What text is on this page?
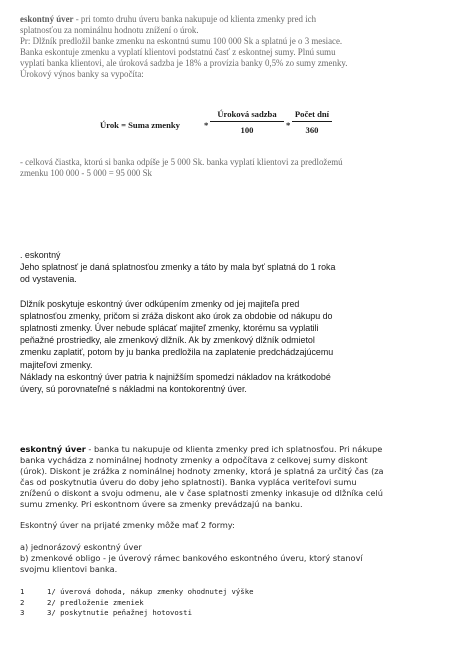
eskontný úver - pri tomto druhu úveru banka nakupuje od klienta zmenky pred ich
splatnosťou za nominálnu hodnotu znížení o úrok.
Pr: Dlžník predložil banke zmenku na eskontnú sumu 100 000 Sk a splatnú je o 3 mesiace.
Banka eskontuje zmenku a vyplatí klientovi podstatnú časť z eskontnej sumy. Plnú sumu
vyplatí banka klientovi, ale úroková sadzba je 18% a provízia banky 0,5% zo sumy zmenky.
Úrokový výnos banky sa vypočíta:
Úrok = Suma zmenky	*
Úroková sadzba
100	*
Počet dní
360
- celková čiastka, ktorú si banka odpíše je 5 000 Sk. banka vyplatí klientovi za predložemú
zmenku 100 000 - 5 000 = 95 000 Sk
. eskontný
Jeho splatnosť je daná splatnosťou zmenky a táto by mala byť splatná do 1 roka
od vystavenia.
Dlžník poskytuje eskontný úver odkúpením zmenky od jej majiteľa pred
splatnosťou zmenky, pričom si zráža diskont ako úrok za obdobie od nákupu do
splatnosti zmenky. Úver nebude splácať majiteľ zmenky, ktorému sa vyplatili
peňažné prostriedky, ale zmenkový dlžník. Ak by zmenkový dlžník odmietol
zmenku zaplatiť, potom by ju banka predložila na zaplatenie predchádzajúcemu
majiteľovi zmenky.
Náklady na eskontný úver patria k najnižším spomedzi nákladov na krátkodobé
úvery, sú porovnateľné s nákladmi na kontokorentný úver.
eskontný úver - banka tu nakupuje od klienta zmenky pred ich splatnosťou. Pri nákupe
banka vychádza z nominálnej hodnoty zmenky a odpočítava z celkovej sumy diskont
(úrok). Diskont je zrážka z nominálnej hodnoty zmenky, ktorá je splatná za určitý čas (za
čas od poskytnutia úveru do doby jeho splatnosti). Banka vypláca veriteľovi sumu
zníženú o diskont a svoju odmenu, ale v čase splatnosti zmenky inkasuje od dlžníka celú
sumu zmenky. Pri eskontnom úvere sa zmenky prevádzajú na banku.
Eskontný úver na prijaté zmenky môže mať 2 formy:
a) jednorázový eskontný úver
b) zmenkové obligo - je úverový rámec bankového eskontného úveru, ktorý stanoví
svojmu klientovi banka.
1	1/ úverová dohoda, nákup zmenky ohodnutej výške
2	2/ predloženie zmeniek
3	3/ poskytnutie peňažnej hotovosti
